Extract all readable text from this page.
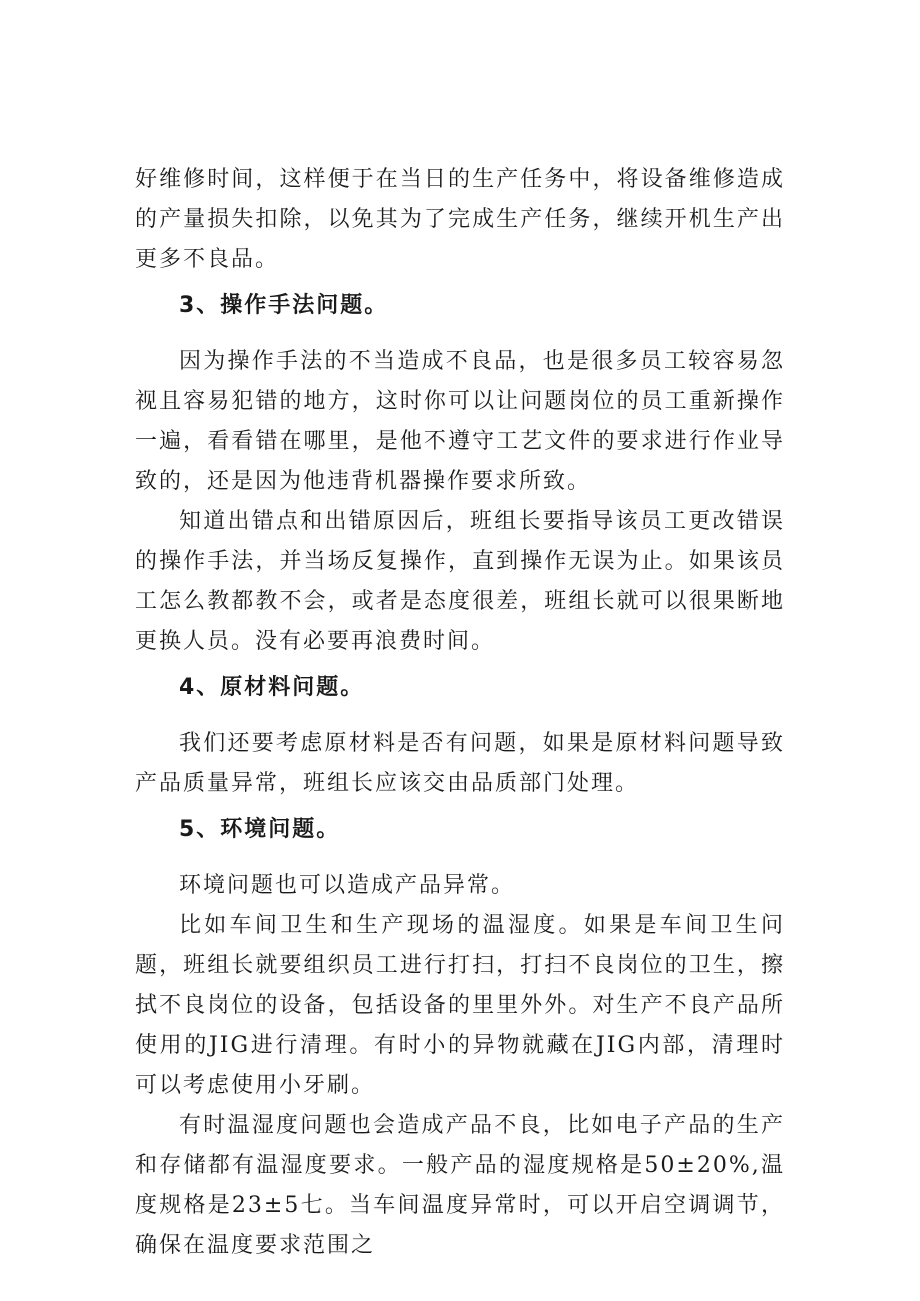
好维修时间，这样便于在当日的生产任务中，将设备维修造成的产量损失扣除，以免其为了完成生产任务，继续开机生产出更多不良品。

3、操作手法问题。

因为操作手法的不当造成不良品，也是很多员工较容易忽视且容易犯错的地方，这时你可以让问题岗位的员工重新操作一遍，看看错在哪里，是他不遵守工艺文件的要求进行作业导致的，还是因为他违背机器操作要求所致。

知道出错点和出错原因后，班组长要指导该员工更改错误的操作手法，并当场反复操作，直到操作无误为止。如果该员工怎么教都教不会，或者是态度很差，班组长就可以很果断地更换人员。没有必要再浪费时间。

4、原材料问题。

我们还要考虑原材料是否有问题，如果是原材料问题导致产品质量异常，班组长应该交由品质部门处理。

5、环境问题。

环境问题也可以造成产品异常。

比如车间卫生和生产现场的温湿度。如果是车间卫生问题，班组长就要组织员工进行打扫，打扫不良岗位的卫生，擦拭不良岗位的设备，包括设备的里里外外。对生产不良产品所使用的JIG进行清理。有时小的异物就藏在JIG内部，清理时可以考虑使用小牙刷。

有时温湿度问题也会造成产品不良，比如电子产品的生产和存储都有温湿度要求。一般产品的湿度规格是50±20%,温度规格是23±5七。当车间温度异常时，可以开启空调调节，确保在温度要求范围之
